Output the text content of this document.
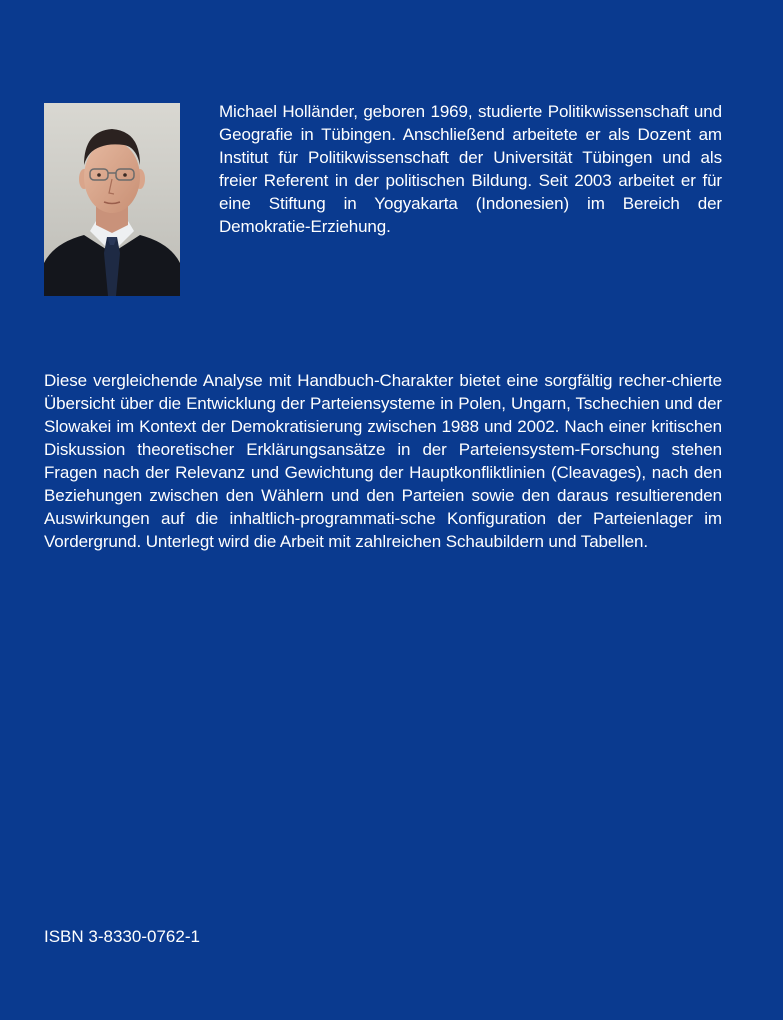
Michael Holländer, geboren 1969, studierte Politikwissenschaft und Geografie in Tübingen. Anschließend arbeitete er als Dozent am Institut für Politikwissenschaft der Universität Tübingen und als freier Referent in der politischen Bildung. Seit 2003 arbeitet er für eine Stiftung in Yogyakarta (Indonesien) im Bereich der Demokratie-Erziehung.

Diese vergleichende Analyse mit Handbuch-Charakter bietet eine sorgfältig recher-chierte Übersicht über die Entwicklung der Parteiensysteme in Polen, Ungarn, Tschechien und der Slowakei im Kontext der Demokratisierung zwischen 1988 und 2002. Nach einer kritischen Diskussion theoretischer Erklärungsansätze in der Parteiensystem-Forschung stehen Fragen nach der Relevanz und Gewichtung der Hauptkonfliktlinien (Cleavages), nach den Beziehungen zwischen den Wählern und den Parteien sowie den daraus resultierenden Auswirkungen auf die inhaltlich-programmati-sche Konfiguration der Parteienlager im Vordergrund. Unterlegt wird die Arbeit mit zahlreichen Schaubildern und Tabellen.

ISBN 3-8330-0762-1
